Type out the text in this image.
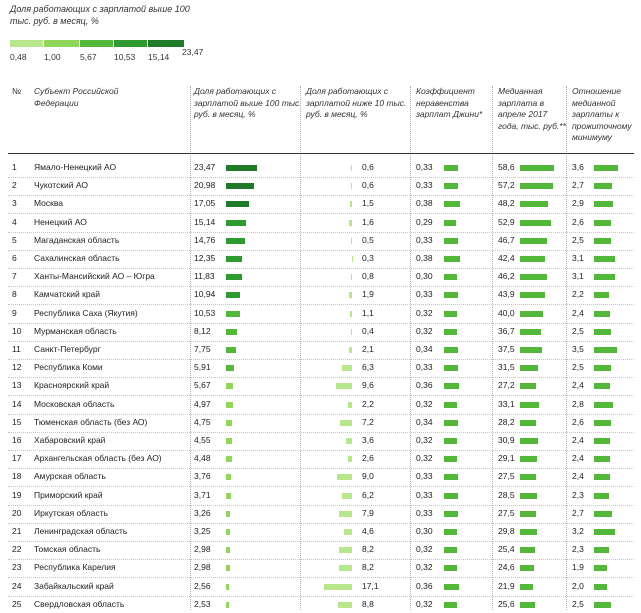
Доля работающих с зарплатой выше 100 тыс. руб. в месяц, %
0,48 1,00 5,67 10,53 15,14 23,47
№ Субъект Российской Федерации
Доля работающих с зарплатой выше 100 тыс. руб. в месяц, %
Доля работающих с зарплатой ниже 10 тыс. руб. в месяц, %
Коэффициент неравенства зарплат Джини*
Медианная зарплата в апреле 2017 года, тыс. руб.**
Отношение медианной зарплаты к прожиточному минимуму
1 Ямало-Ненецкий АО	23,47	0,6	0,33	58,6	3,6
2 Чукотский АО	20,98	0,6	0,33	57,2	2,7
3 Москва	17,05	1,5	0,38	48,2	2,9
4 Ненецкий АО	15,14	1,6	0,29	52,9	2,6
5 Магаданская область	14,76	0,5	0,33	46,7	2,5
6 Сахалинская область	12,35	0,3	0,38	42,4	3,1
7 Ханты-Мансийский АО – Югра	11,83	0,8	0,30	46,2	3,1
8 Камчатский край	10,94	1,9	0,33	43,9	2,2
9 Республика Саха (Якутия)	10,53	1,1	0,32	40,0	2,4
10 Мурманская область	8,12	0,4	0,32	36,7	2,5
11 Санкт-Петербург	7,75	2,1	0,34	37,5	3,5
12 Республика Коми	5,91	6,3	0,33	31,5	2,5
13 Красноярский край	5,67	9,6	0,36	27,2	2,4
14 Московская область	4,97	2,2	0,32	33,1	2,8
15 Тюменская область (без АО)	4,75	7,2	0,34	28,2	2,6
16 Хабаровский край	4,55	3,6	0,32	30,9	2,4
17 Архангельская область (без АО)	4,48	2,6	0,32	29,1	2,4
18 Амурская область	3,76	9,0	0,33	27,5	2,4
19 Приморский край	3,71	6,2	0,33	28,5	2,3
20 Иркутская область	3,26	7,9	0,33	27,5	2,7
21 Ленинградская область	3,25	4,6	0,30	29,8	3,2
22 Томская область	2,98	8,2	0,32	25,4	2,3
23 Республика Карелия	2,98	8,2	0,32	24,6	1,9
24 Забайкальский край	2,56	17,1	0,36	21,9	2,0
25 Свердловская область	2,53	8,8	0,32	25,6	2,5
